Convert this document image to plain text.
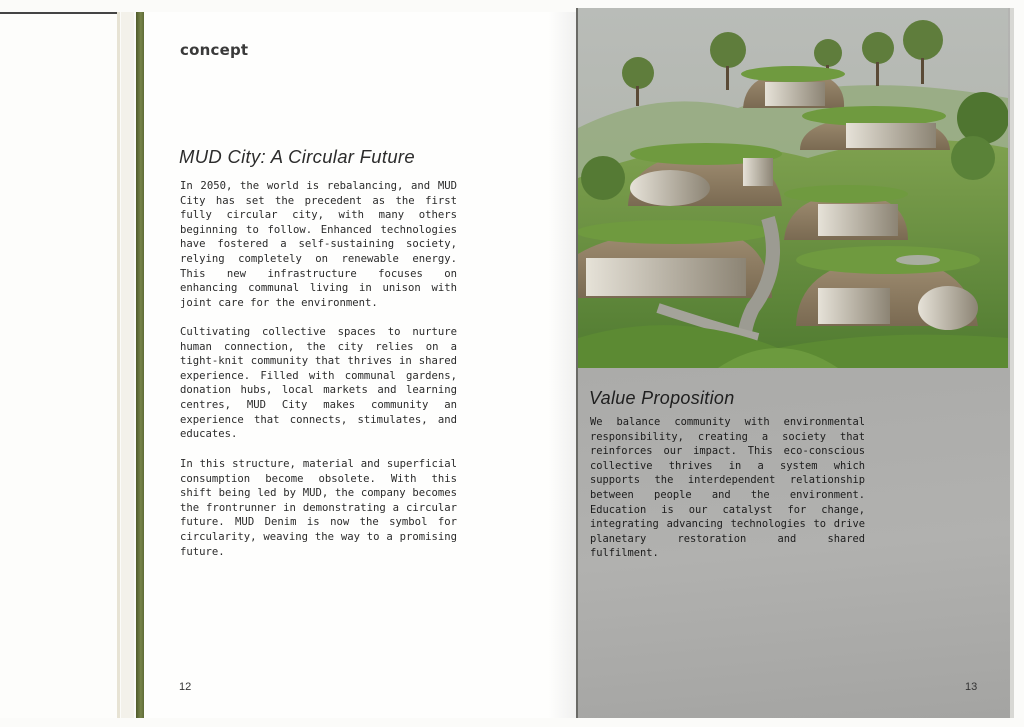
concept
MUD City: A Circular Future

In 2050, the world is rebalancing, and MUD City has set the precedent as the first fully circular city, with many others beginning to follow. Enhanced technologies have fostered a self-sustaining society, relying completely on renewable energy. This new infrastructure focuses on enhancing communal living in unison with joint care for the environment.

Cultivating collective spaces to nurture human connection, the city relies on a tight-knit community that thrives in shared experience. Filled with communal gardens, donation hubs, local markets and learning centres, MUD City makes community an experience that connects, stimulates, and educates.

In this structure, material and superficial consumption become obsolete. With this shift being led by MUD, the company becomes the frontrunner in demonstrating a circular future. MUD Denim is now the symbol for circularity, weaving the way to a promising future.

12
Value Proposition

We balance community with environmental responsibility, creating a society that reinforces our impact. This eco-conscious collective thrives in a system which supports the interdependent relationship between people and the environment. Education is our catalyst for change, integrating advancing technologies to drive planetary restoration and shared fulfilment.

13
